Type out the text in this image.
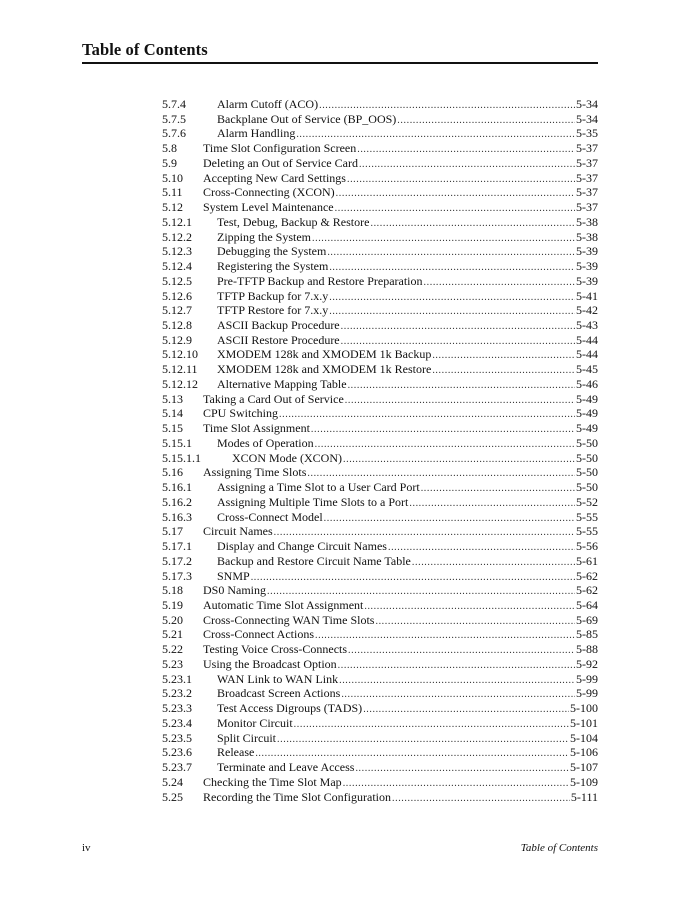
Table of Contents
5.7.4	Alarm Cutoff (ACO) .....	5-34
5.7.5	Backplane Out of Service (BP_OOS) .....	5-34
5.7.6	Alarm Handling .....	5-35
5.8	Time Slot Configuration Screen .....	5-37
5.9	Deleting an Out of Service Card .....	5-37
5.10	Accepting New Card Settings .....	5-37
5.11	Cross-Connecting (XCON) .....	5-37
5.12	System Level Maintenance .....	5-37
5.12.1	Test, Debug, Backup & Restore .....	5-38
5.12.2	Zipping the System .....	5-38
5.12.3	Debugging the System .....	5-39
5.12.4	Registering the System .....	5-39
5.12.5	Pre-TFTP Backup and Restore Preparation .....	5-39
5.12.6	TFTP Backup for 7.x.y .....	5-41
5.12.7	TFTP Restore for 7.x.y .....	5-42
5.12.8	ASCII Backup Procedure .....	5-43
5.12.9	ASCII Restore Procedure .....	5-44
5.12.10	XMODEM 128k and XMODEM 1k Backup .....	5-44
5.12.11	XMODEM 128k and XMODEM 1k Restore .....	5-45
5.12.12	Alternative Mapping Table .....	5-46
5.13	Taking a Card Out of Service .....	5-49
5.14	CPU Switching .....	5-49
5.15	Time Slot Assignment .....	5-49
5.15.1	Modes of Operation .....	5-50
5.15.1.1	XCON Mode (XCON) .....	5-50
5.16	Assigning Time Slots .....	5-50
5.16.1	Assigning a Time Slot to a User Card Port .....	5-50
5.16.2	Assigning Multiple Time Slots to a Port .....	5-52
5.16.3	Cross-Connect Model .....	5-55
5.17	Circuit Names .....	5-55
5.17.1	Display and Change Circuit Names .....	5-56
5.17.2	Backup and Restore Circuit Name Table .....	5-61
5.17.3	SNMP .....	5-62
5.18	DS0 Naming .....	5-62
5.19	Automatic Time Slot Assignment .....	5-64
5.20	Cross-Connecting WAN Time Slots .....	5-69
5.21	Cross-Connect Actions .....	5-85
5.22	Testing Voice Cross-Connects .....	5-88
5.23	Using the Broadcast Option .....	5-92
5.23.1	WAN Link to WAN Link .....	5-99
5.23.2	Broadcast Screen Actions .....	5-99
5.23.3	Test Access Digroups (TADS) .....	5-100
5.23.4	Monitor Circuit .....	5-101
5.23.5	Split Circuit .....	5-104
5.23.6	Release .....	5-106
5.23.7	Terminate and Leave Access .....	5-107
5.24	Checking the Time Slot Map .....	5-109
5.25	Recording the Time Slot Configuration .....	5-111
iv	Table of Contents
